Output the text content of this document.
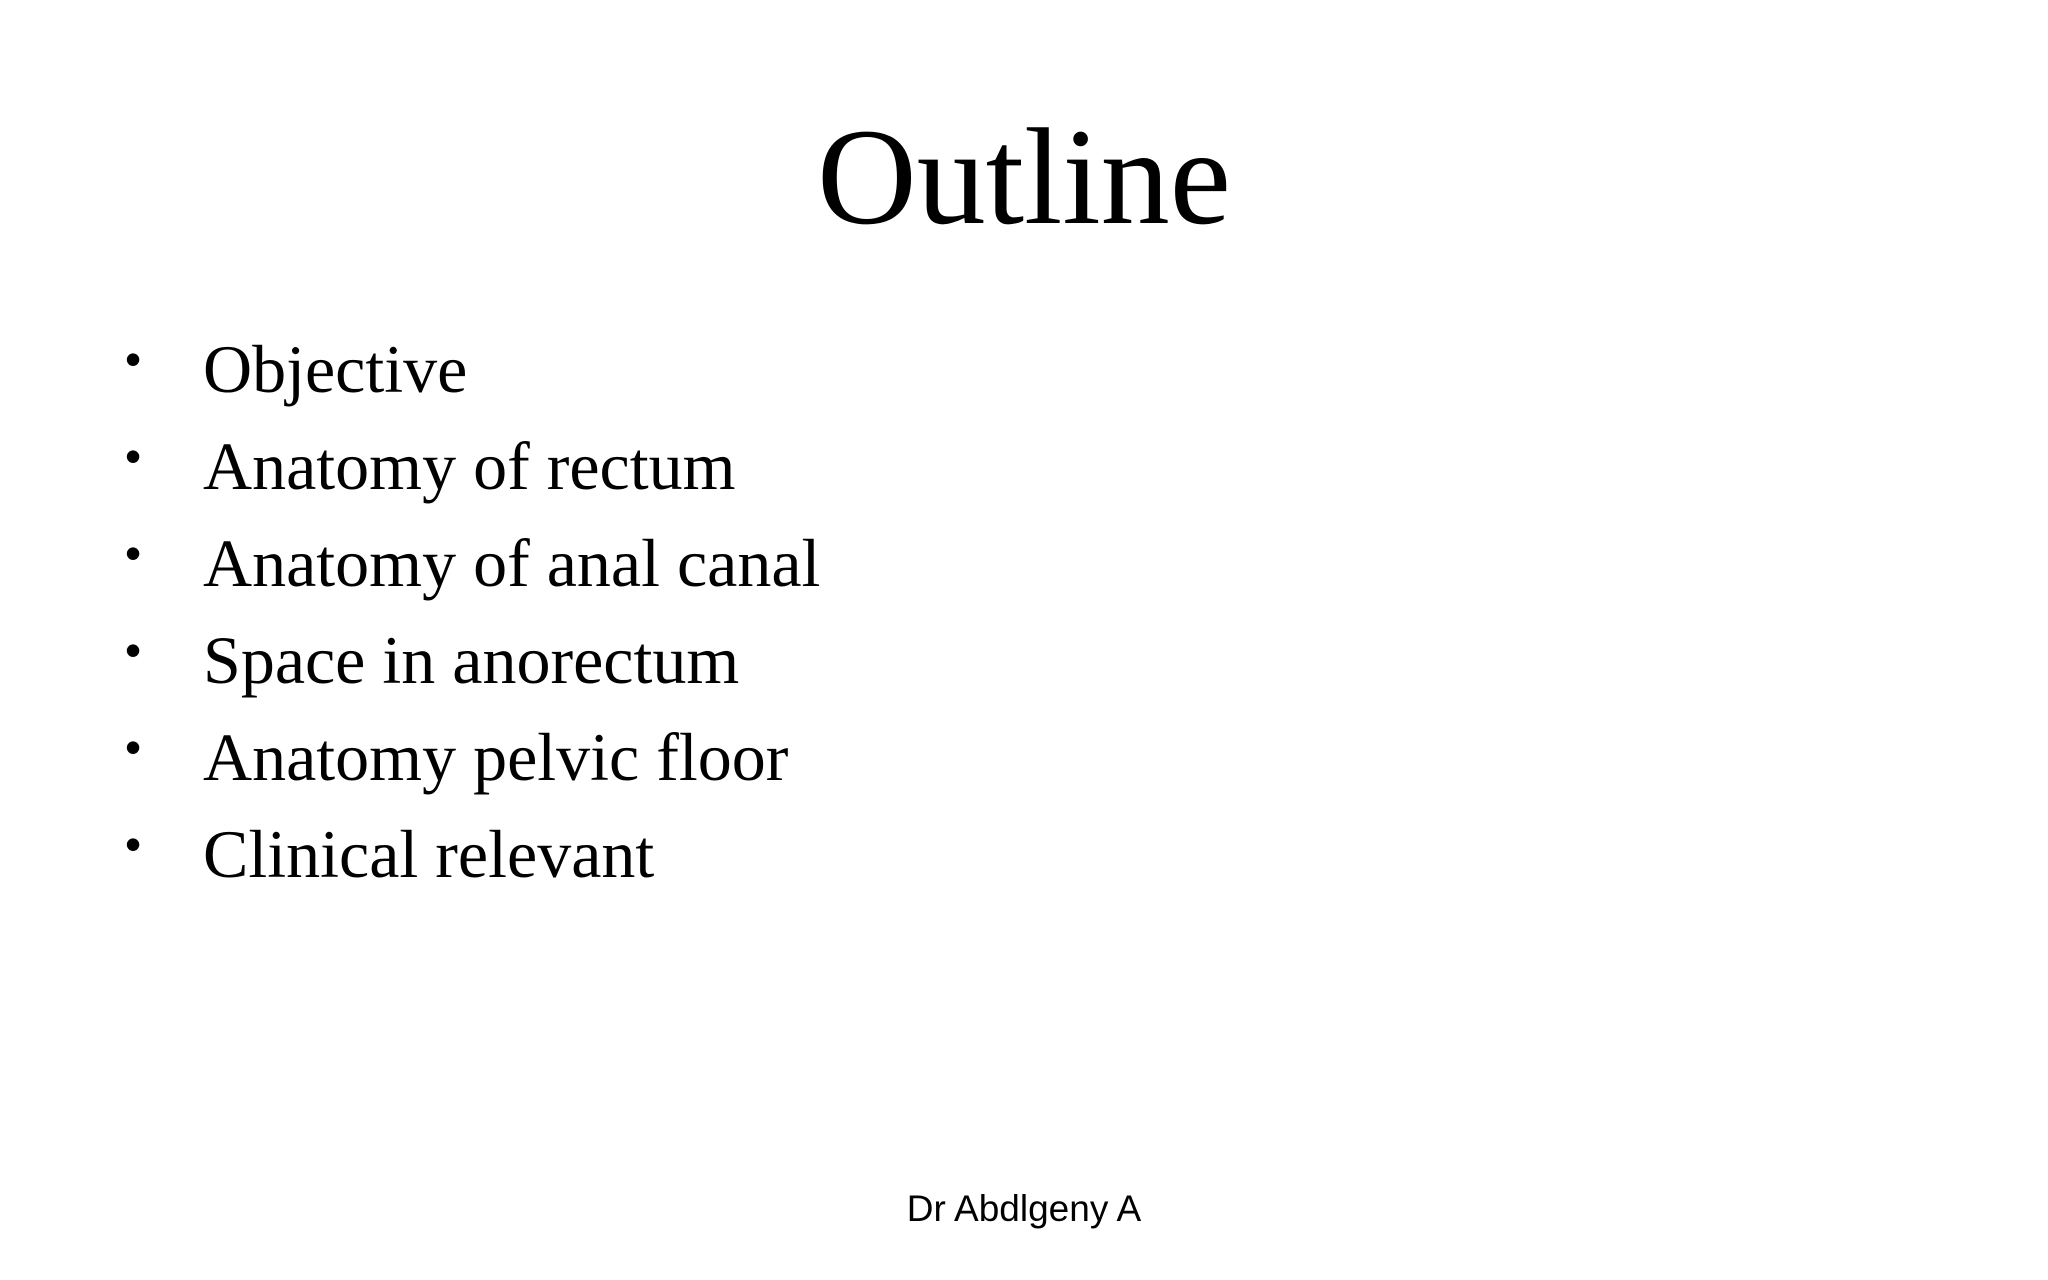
Outline
• Objective
• Anatomy of rectum
• Anatomy of anal canal
• Space in anorectum
• Anatomy pelvic floor
• Clinical relevant
Dr Abdlgeny A
